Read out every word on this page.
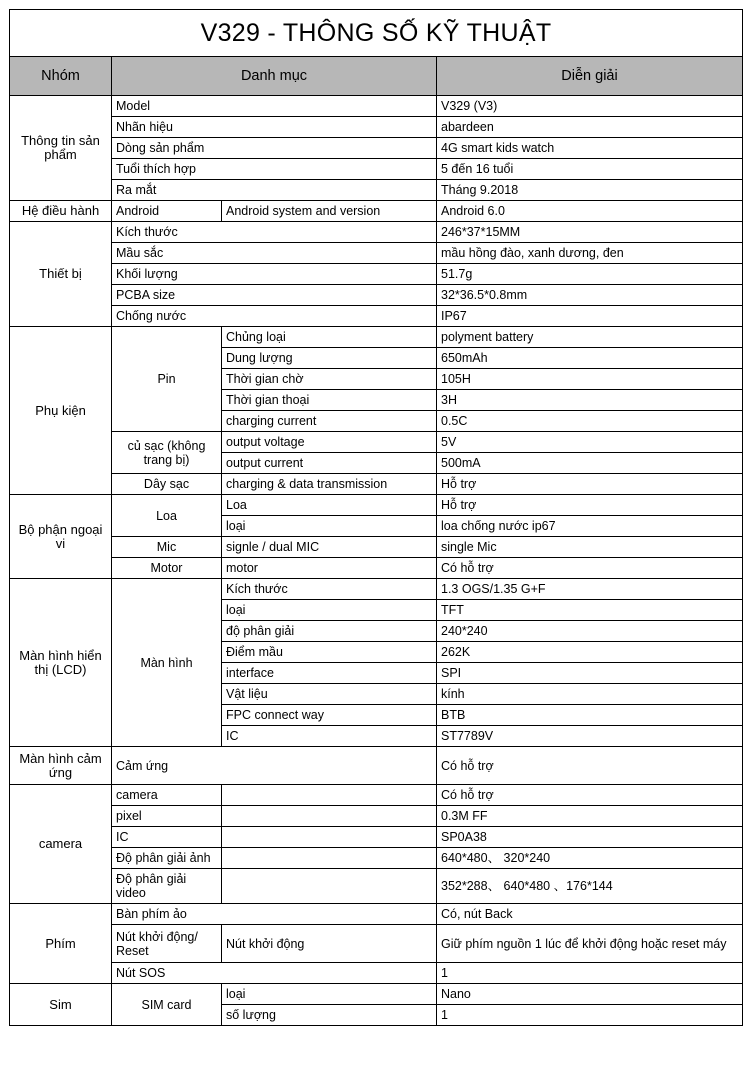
V329 - THÔNG SỐ KỸ THUẬT			
Nhóm	Danh mục		Diễn giải
Thông tin sản phẩm	Model		V329 (V3)
	Nhãn hiệu		abardeen
	Dòng sản phẩm		4G smart kids watch
	Tuổi thích hợp		5 đến 16 tuổi
	Ra mắt		Tháng 9.2018
Hệ điều hành	Android	Android system and version	Android 6.0
Thiết bị	Kích thước		246*37*15MM
	Mầu sắc		mầu hồng đào, xanh dương, đen
	Khối lượng		51.7g
	PCBA size		32*36.5*0.8mm
	Chống nước		IP67
Phụ kiện	Pin	Chủng loại	polyment battery
		Dung lượng	650mAh
		Thời gian chờ	105H
		Thời gian thoại	3H
		charging current	0.5C
	củ sạc (không trang bị)	output voltage	5V
		output current	500mA
	Dây sạc	charging & data transmission	Hỗ trợ
Bộ phận ngoại vi	Loa	Loa	Hỗ trợ
		loại	loa chống nước ip67
	Mic	signle / dual MIC	single Mic
	Motor	motor	Có hỗ trợ
Màn hình hiển thị (LCD)	Màn hình	Kích thước	1.3 OGS/1.35 G+F
		loại	TFT
		độ phân giải	240*240
		Điểm mầu	262K
		interface	SPI
		Vật liệu	kính
		FPC connect way	BTB
		IC	ST7789V
Màn hình cảm ứng	Cảm ứng		Có hỗ trợ
camera	camera		Có hỗ trợ
	pixel		0.3M FF
	IC		SP0A38
	Độ phân giải ảnh		640*480、 320*240
	Độ phân giải video		352*288、 640*480 、176*144
Phím	Bàn phím ảo		Có, nút Back
	Nút khởi động/ Reset	Nút khởi động	Giữ phím nguồn 1 lúc để khởi động hoặc reset máy
	Nút SOS		1
Sim	SIM card	loại	Nano
		số lượng	1
